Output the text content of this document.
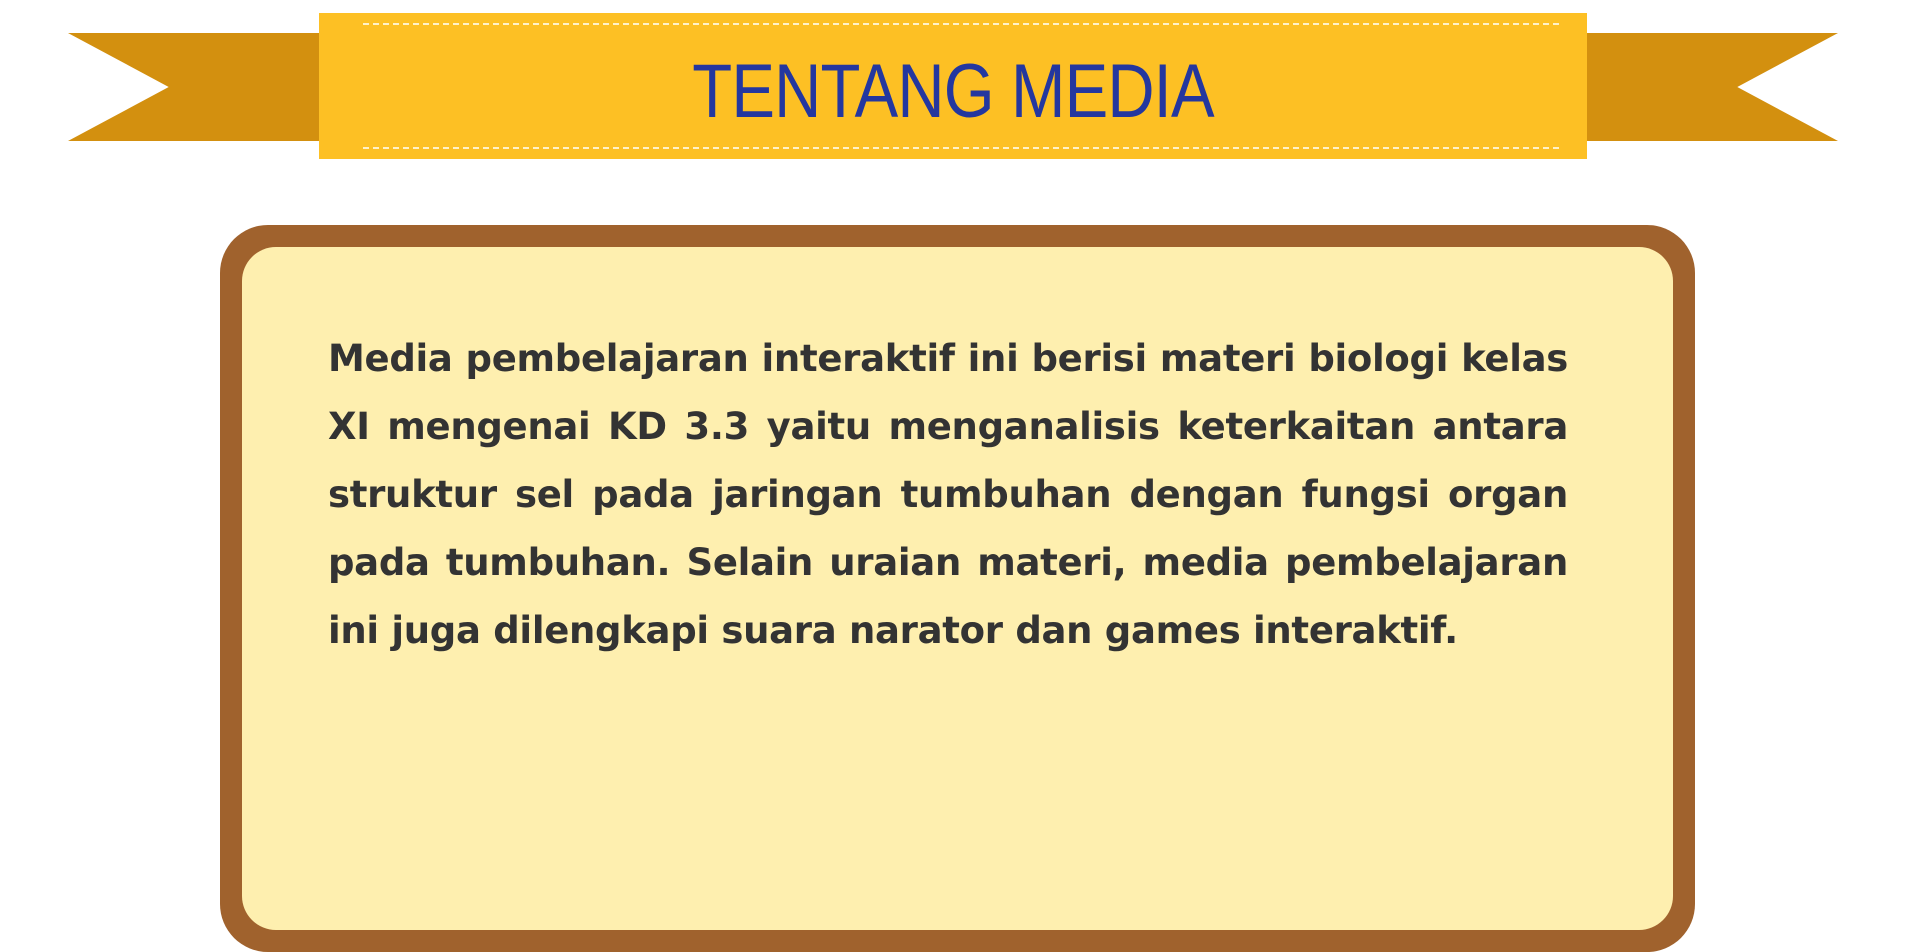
TENTANG MEDIA

Media pembelajaran interaktif ini berisi materi biologi kelas XI mengenai KD 3.3 yaitu menganalisis keterkaitan antara struktur sel pada jaringan tumbuhan dengan fungsi organ pada tumbuhan. Selain uraian materi, media pembelajaran ini juga dilengkapi suara narator dan games interaktif.
